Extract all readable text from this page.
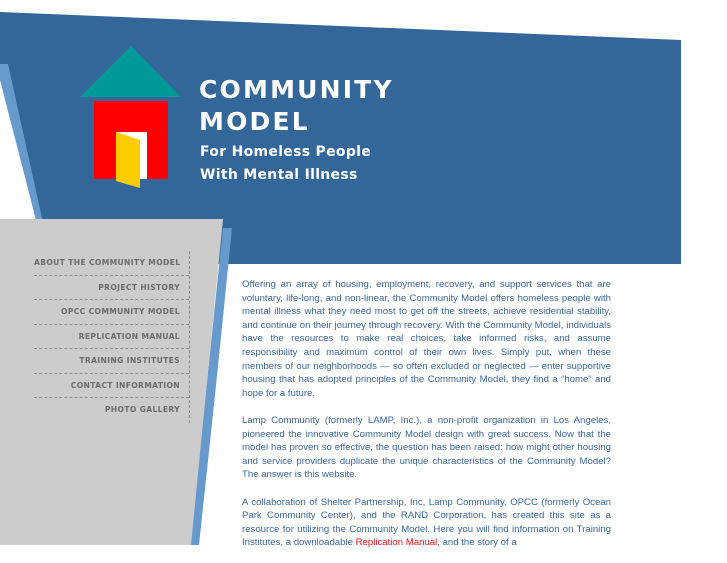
COMMUNITY
MODEL
For Homeless People
With Mental Illness
ABOUT THE COMMUNITY MODEL
PROJECT HISTORY
OPCC COMMUNITY MODEL
REPLICATION MANUAL
TRAINING INSTITUTES
CONTACT INFORMATION
PHOTO GALLERY

Offering an array of housing, employment, recovery, and support services that are voluntary, life-long, and non-linear, the Community Model offers homeless people with mental illness what they need most to get off the streets, achieve residential stability, and continue on their journey through recovery. With the Community Model, individuals have the resources to make real choices, take informed risks, and assume responsibility and maximum control of their own lives. Simply put, when these members of our neighborhoods — so often excluded or neglected — enter supportive housing that has adopted principles of the Community Model, they find a “home” and hope for a future.

Lamp Community (formerly LAMP, Inc.), a non-profit organization in Los Angeles, pioneered the innovative Community Model design with great success. Now that the model has proven so effective, the question has been raised: how might other housing and service providers duplicate the unique characteristics of the Community Model? The answer is this website.

A collaboration of Shelter Partnership, Inc, Lamp Community, OPCC (formerly Ocean Park Community Center), and the RAND Corporation, has created this site as a resource for utilizing the Community Model. Here you will find information on Training Institutes, a downloadable Replication Manual, and the story of a
